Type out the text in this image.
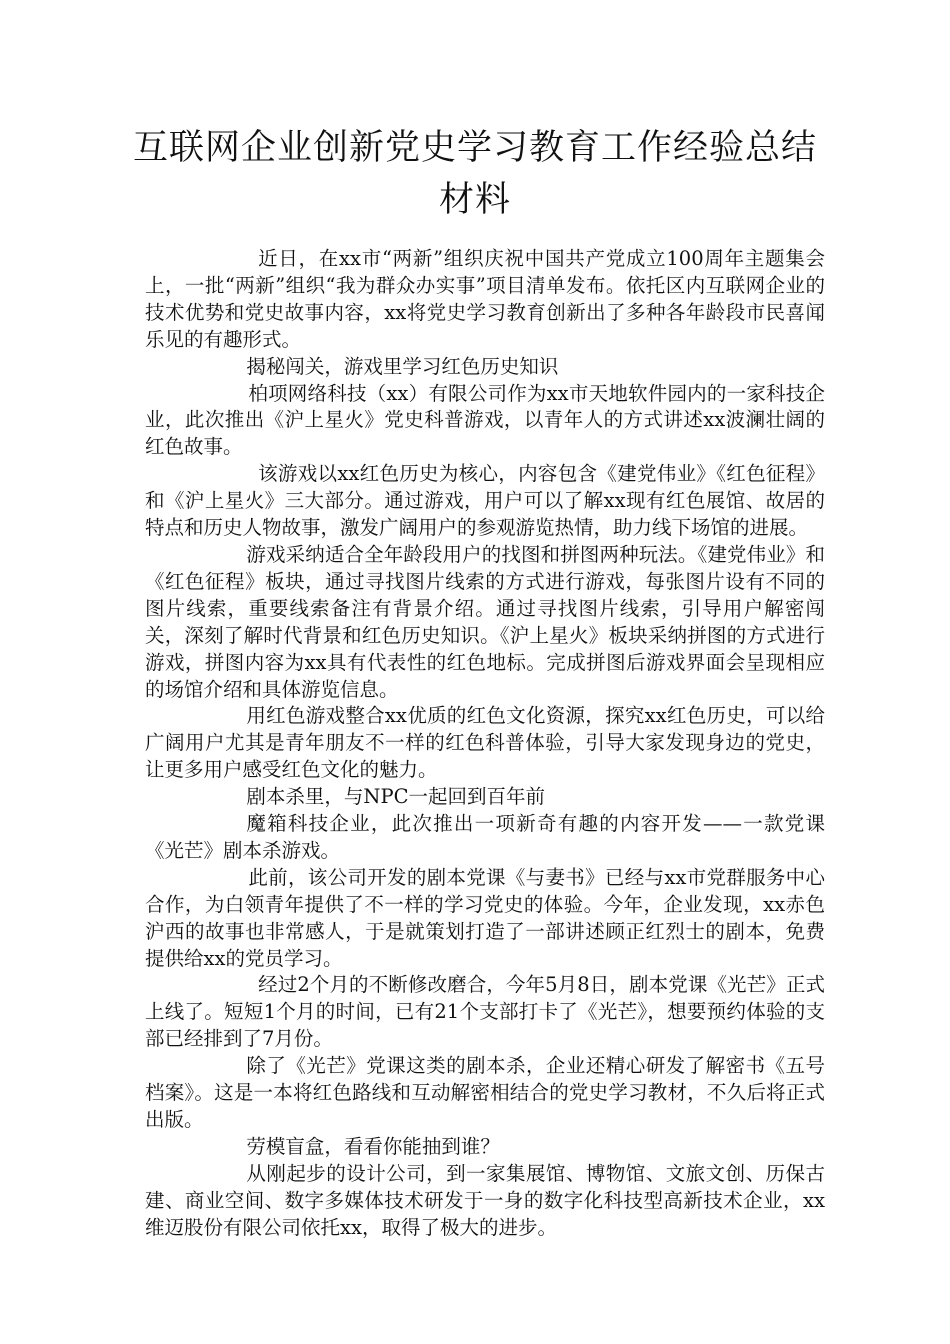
互联网企业创新党史学习教育工作经验总结材料

近日，在xx市“两新”组织庆祝中国共产党成立100周年主题集会上，一批“两新”组织“我为群众办实事”项目清单发布。依托区内互联网企业的技术优势和党史故事内容，xx将党史学习教育创新出了多种各年龄段市民喜闻乐见的有趣形式。

揭秘闯关，游戏里学习红色历史知识

柏项网络科技（xx）有限公司作为xx市天地软件园内的一家科技企业，此次推出《沪上星火》党史科普游戏，以青年人的方式讲述xx波澜壮阔的红色故事。

该游戏以xx红色历史为核心，内容包含《建党伟业》《红色征程》和《沪上星火》三大部分。通过游戏，用户可以了解xx现有红色展馆、故居的特点和历史人物故事，激发广阔用户的参观游览热情，助力线下场馆的进展。

游戏采纳适合全年龄段用户的找图和拼图两种玩法。《建党伟业》和《红色征程》板块，通过寻找图片线索的方式进行游戏，每张图片设有不同的图片线索，重要线索备注有背景介绍。通过寻找图片线索，引导用户解密闯关，深刻了解时代背景和红色历史知识。《沪上星火》板块采纳拼图的方式进行游戏，拼图内容为xx具有代表性的红色地标。完成拼图后游戏界面会呈现相应的场馆介绍和具体游览信息。

用红色游戏整合xx优质的红色文化资源，探究xx红色历史，可以给广阔用户尤其是青年朋友不一样的红色科普体验，引导大家发现身边的党史，让更多用户感受红色文化的魅力。

剧本杀里，与NPC一起回到百年前

魔箱科技企业，此次推出一项新奇有趣的内容开发——一款党课《光芒》剧本杀游戏。

此前，该公司开发的剧本党课《与妻书》已经与xx市党群服务中心合作，为白领青年提供了不一样的学习党史的体验。今年，企业发现，xx赤色沪西的故事也非常感人，于是就策划打造了一部讲述顾正红烈士的剧本，免费提供给xx的党员学习。

经过2个月的不断修改磨合，今年5月8日，剧本党课《光芒》正式上线了。短短1个月的时间，已有21个支部打卡了《光芒》，想要预约体验的支部已经排到了7月份。

除了《光芒》党课这类的剧本杀，企业还精心研发了解密书《五号档案》。这是一本将红色路线和互动解密相结合的党史学习教材，不久后将正式出版。

劳模盲盒，看看你能抽到谁？

从刚起步的设计公司，到一家集展馆、博物馆、文旅文创、历保古建、商业空间、数字多媒体技术研发于一身的数字化科技型高新技术企业，xx维迈股份有限公司依托xx，取得了极大的进步。
